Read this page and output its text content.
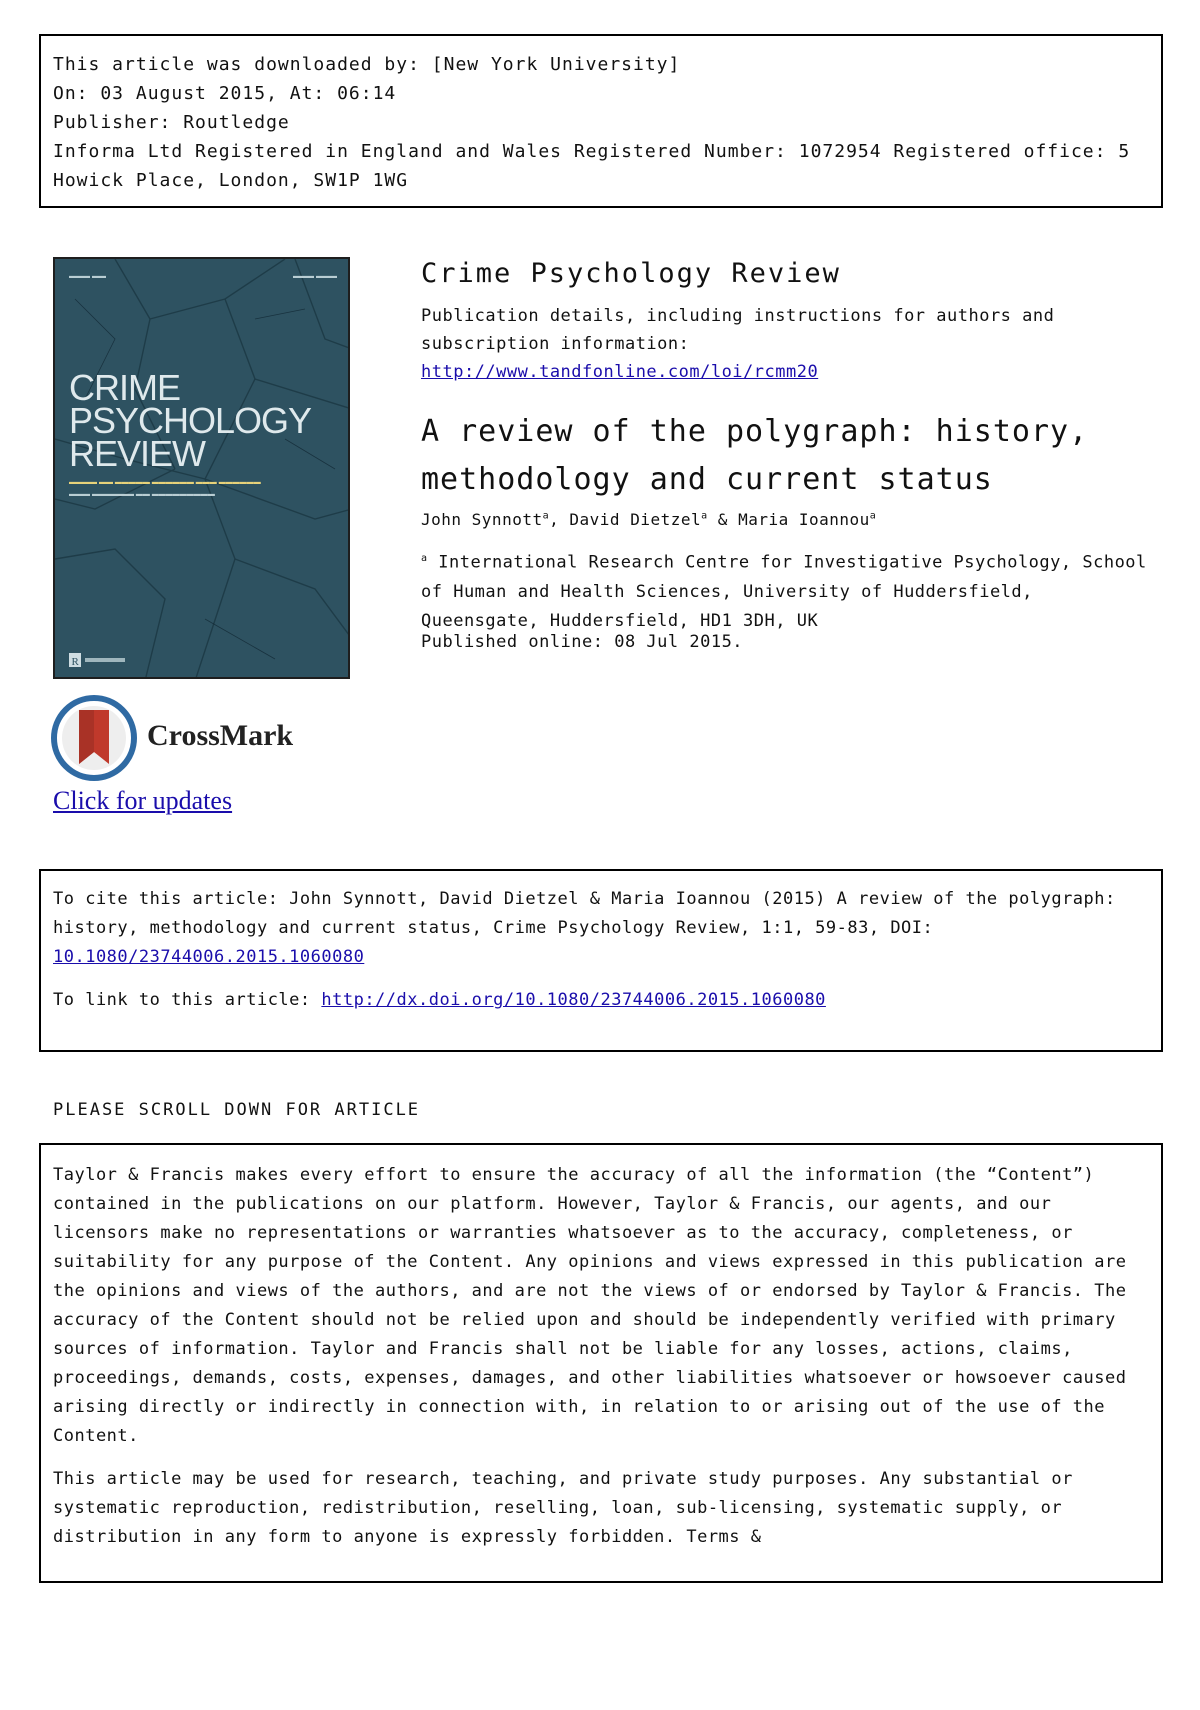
This article was downloaded by: [New York University]
On: 03 August 2015, At: 06:14
Publisher: Routledge
Informa Ltd Registered in England and Wales Registered Number: 1072954 Registered office: 5 Howick Place, London, SW1P 1WG
▬▬▬ ▬▬	▬▬▬ ▬▬▬
CRIME
PSYCHOLOGY
REVIEW
▬▬▬▬ ▬▬ ▬▬▬▬▬ ▬▬▬▬▬▬ ▬▬▬ ▬▬▬▬▬▬
▬▬▬ ▬▬▬▬▬▬ ▬▬ ▬▬▬▬▬▬▬▬▬
R
CrossMark
Click for updates
Crime Psychology Review
Publication details, including instructions for authors and subscription information:
http://www.tandfonline.com/loi/rcmm20
A review of the polygraph: history, methodology and current status
John Synnott$^a$, David Dietzel$^a$ & Maria Ioannou$^a$
$^a$ International Research Centre for Investigative Psychology, School of Human and Health Sciences, University of Huddersfield, Queensgate, Huddersfield, HD1 3DH, UK
Published online: 08 Jul 2015.
To cite this article: John Synnott, David Dietzel & Maria Ioannou (2015) A review of the polygraph: history, methodology and current status, Crime Psychology Review, 1:1, 59-83, DOI: 10.1080/23744006.2015.1060080
To link to this article: http://dx.doi.org/10.1080/23744006.2015.1060080
PLEASE SCROLL DOWN FOR ARTICLE

Taylor & Francis makes every effort to ensure the accuracy of all the information (the “Content”) contained in the publications on our platform. However, Taylor & Francis, our agents, and our licensors make no representations or warranties whatsoever as to the accuracy, completeness, or suitability for any purpose of the Content. Any opinions and views expressed in this publication are the opinions and views of the authors, and are not the views of or endorsed by Taylor & Francis. The accuracy of the Content should not be relied upon and should be independently verified with primary sources of information. Taylor and Francis shall not be liable for any losses, actions, claims, proceedings, demands, costs, expenses, damages, and other liabilities whatsoever or howsoever caused arising directly or indirectly in connection with, in relation to or arising out of the use of the Content.

This article may be used for research, teaching, and private study purposes. Any substantial or systematic reproduction, redistribution, reselling, loan, sub-licensing, systematic supply, or distribution in any form to anyone is expressly forbidden. Terms &
